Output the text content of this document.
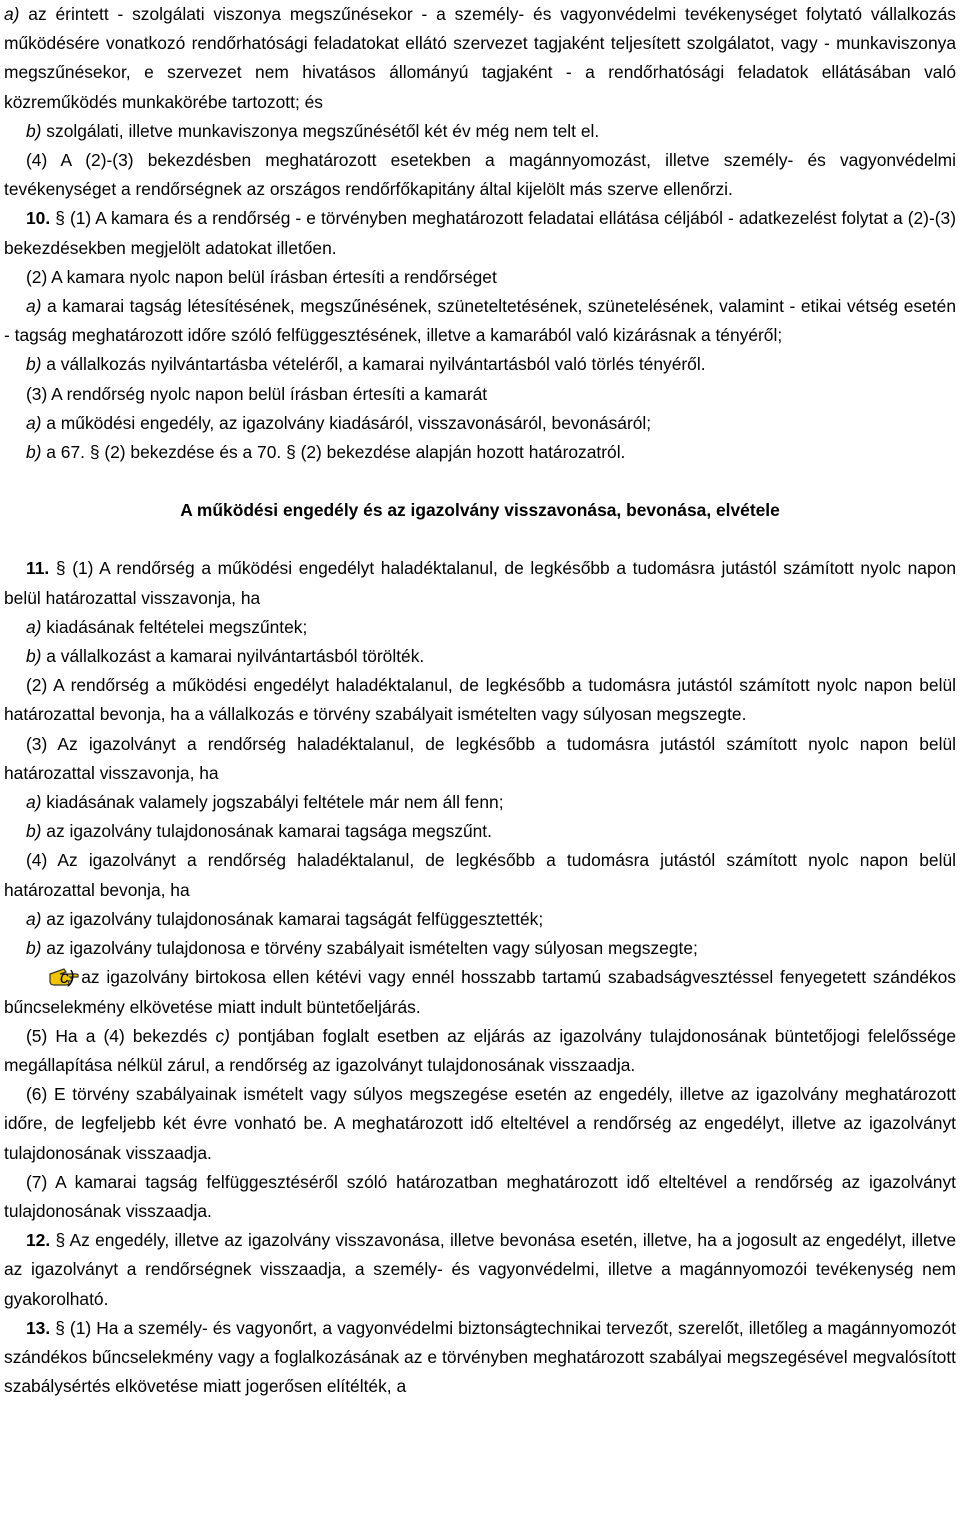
a) az érintett - szolgálati viszonya megszűnésekor - a személy- és vagyonvédelmi tevékenységet folytató vállalkozás működésére vonatkozó rendőrhatósági feladatokat ellátó szervezet tagjaként teljesített szolgálatot, vagy - munkaviszonya megszűnésekor, e szervezet nem hivatásos állományú tagjaként - a rendőrhatósági feladatok ellátásában való közreműködés munkakörébe tartozott; és

b) szolgálati, illetve munkaviszonya megszűnésétől két év még nem telt el.

(4) A (2)-(3) bekezdésben meghatározott esetekben a magánnyomozást, illetve személy- és vagyonvédelmi tevékenységet a rendőrségnek az országos rendőrfőkapitány által kijelölt más szerve ellenőrzi.

10. § (1) A kamara és a rendőrség - e törvényben meghatározott feladatai ellátása céljából - adatkezelést folytat a (2)-(3) bekezdésekben megjelölt adatokat illetően.

(2) A kamara nyolc napon belül írásban értesíti a rendőrséget

a) a kamarai tagság létesítésének, megszűnésének, szüneteltetésének, szünetelésének, valamint - etikai vétség esetén - tagság meghatározott időre szóló felfüggesztésének, illetve a kamarából való kizárásnak a tényéről;

b) a vállalkozás nyilvántartásba vételéről, a kamarai nyilvántartásból való törlés tényéről.

(3) A rendőrség nyolc napon belül írásban értesíti a kamarát

a) a működési engedély, az igazolvány kiadásáról, visszavonásáról, bevonásáról;

b) a 67. § (2) bekezdése és a 70. § (2) bekezdése alapján hozott határozatról.

A működési engedély és az igazolvány visszavonása, bevonása, elvétele

11. § (1) A rendőrség a működési engedélyt haladéktalanul, de legkésőbb a tudomásra jutástól számított nyolc napon belül határozattal visszavonja, ha

a) kiadásának feltételei megszűntek;

b) a vállalkozást a kamarai nyilvántartásból törölték.

(2) A rendőrség a működési engedélyt haladéktalanul, de legkésőbb a tudomásra jutástól számított nyolc napon belül határozattal bevonja, ha a vállalkozás e törvény szabályait ismételten vagy súlyosan megszegte.

(3) Az igazolványt a rendőrség haladéktalanul, de legkésőbb a tudomásra jutástól számított nyolc napon belül határozattal visszavonja, ha

a) kiadásának valamely jogszabályi feltétele már nem áll fenn;

b) az igazolvány tulajdonosának kamarai tagsága megszűnt.

(4) Az igazolványt a rendőrség haladéktalanul, de legkésőbb a tudomásra jutástól számított nyolc napon belül határozattal bevonja, ha

a) az igazolvány tulajdonosának kamarai tagságát felfüggesztették;

b) az igazolvány tulajdonosa e törvény szabályait ismételten vagy súlyosan megszegte;

c) az igazolvány birtokosa ellen kétévi vagy ennél hosszabb tartamú szabadságvesztéssel fenyegetett szándékos bűncselekmény elkövetése miatt indult büntetőeljárás.

(5) Ha a (4) bekezdés c) pontjában foglalt esetben az eljárás az igazolvány tulajdonosának büntetőjogi felelőssége megállapítása nélkül zárul, a rendőrség az igazolványt tulajdonosának visszaadja.

(6) E törvény szabályainak ismételt vagy súlyos megszegése esetén az engedély, illetve az igazolvány meghatározott időre, de legfeljebb két évre vonható be. A meghatározott idő elteltével a rendőrség az engedélyt, illetve az igazolványt tulajdonosának visszaadja.

(7) A kamarai tagság felfüggesztéséről szóló határozatban meghatározott idő elteltével a rendőrség az igazolványt tulajdonosának visszaadja.

12. § Az engedély, illetve az igazolvány visszavonása, illetve bevonása esetén, illetve, ha a jogosult az engedélyt, illetve az igazolványt a rendőrségnek visszaadja, a személy- és vagyonvédelmi, illetve a magánnyomozói tevékenység nem gyakorolható.

13. § (1) Ha a személy- és vagyonőrt, a vagyonvédelmi biztonságtechnikai tervezőt, szerelőt, illetőleg a magánnyomozót szándékos bűncselekmény vagy a foglalkozásának az e törvényben meghatározott szabályai megszegésével megvalósított szabálysértés elkövetése miatt jogerősen elítélték, a
